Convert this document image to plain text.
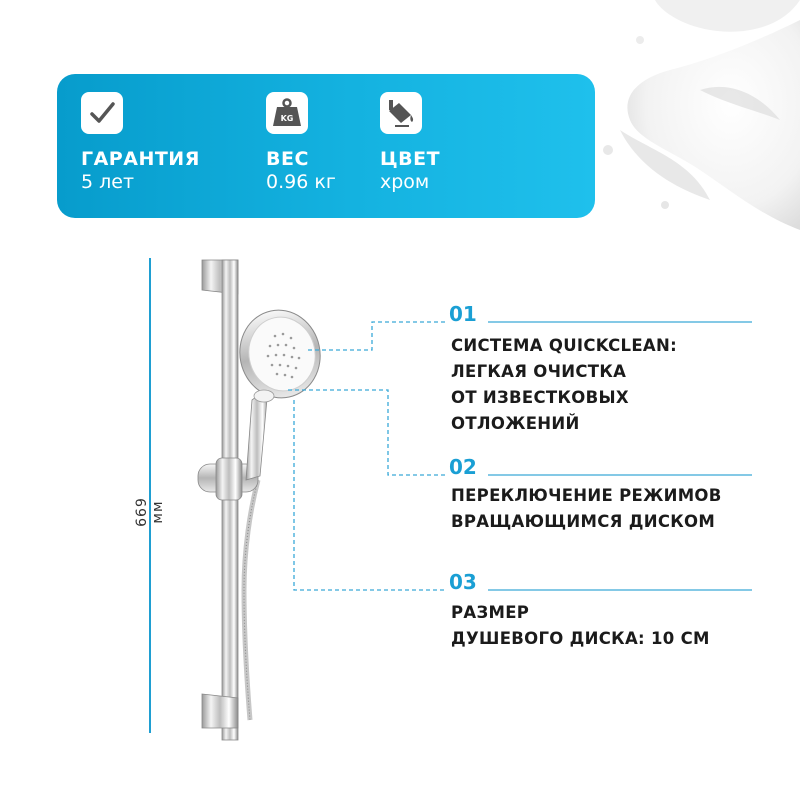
ГАРАНТИЯ
5 лет
KG
ВЕС
0.96 кг
ЦВЕТ
хром
669 мм
01
СИСТЕМА QUICKCLEAN:
ЛЕГКАЯ ОЧИСТКА
ОТ ИЗВЕСТКОВЫХ
ОТЛОЖЕНИЙ
02
ПЕРЕКЛЮЧЕНИЕ РЕЖИМОВ
ВРАЩАЮЩИМСЯ ДИСКОМ
03
РАЗМЕР
ДУШЕВОГО ДИСКА: 10 СМ
